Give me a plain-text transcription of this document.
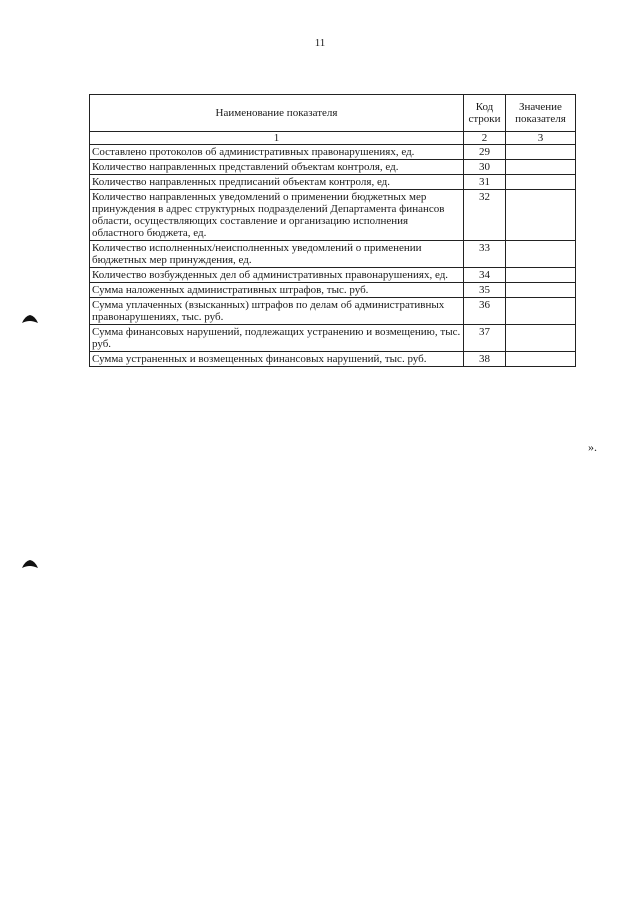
11
Наименование показателя	Код строки	Значение показателя
1	2	3
Составлено протоколов об административных правонарушениях, ед.	29	
Количество направленных представлений объектам контроля, ед.	30	
Количество направленных предписаний объектам контроля, ед.	31	
Количество направленных уведомлений о применении бюджетных мер принуждения в адрес структурных подразделений Департамента финансов области, осуществляющих составление и организацию исполнения областного бюджета, ед.	32	
Количество исполненных/неисполненных уведомлений о применении бюджетных мер принуждения, ед.	33	
Количество возбужденных дел об административных правонарушениях, ед.	34	
Сумма наложенных административных штрафов, тыс. руб.	35	
Сумма уплаченных (взысканных) штрафов по делам об административных правонарушениях, тыс. руб.	36	
Сумма финансовых нарушений, подлежащих устранению и возмещению, тыс. руб.	37	
Сумма устраненных и возмещенных финансовых нарушений, тыс. руб.	38	
».
